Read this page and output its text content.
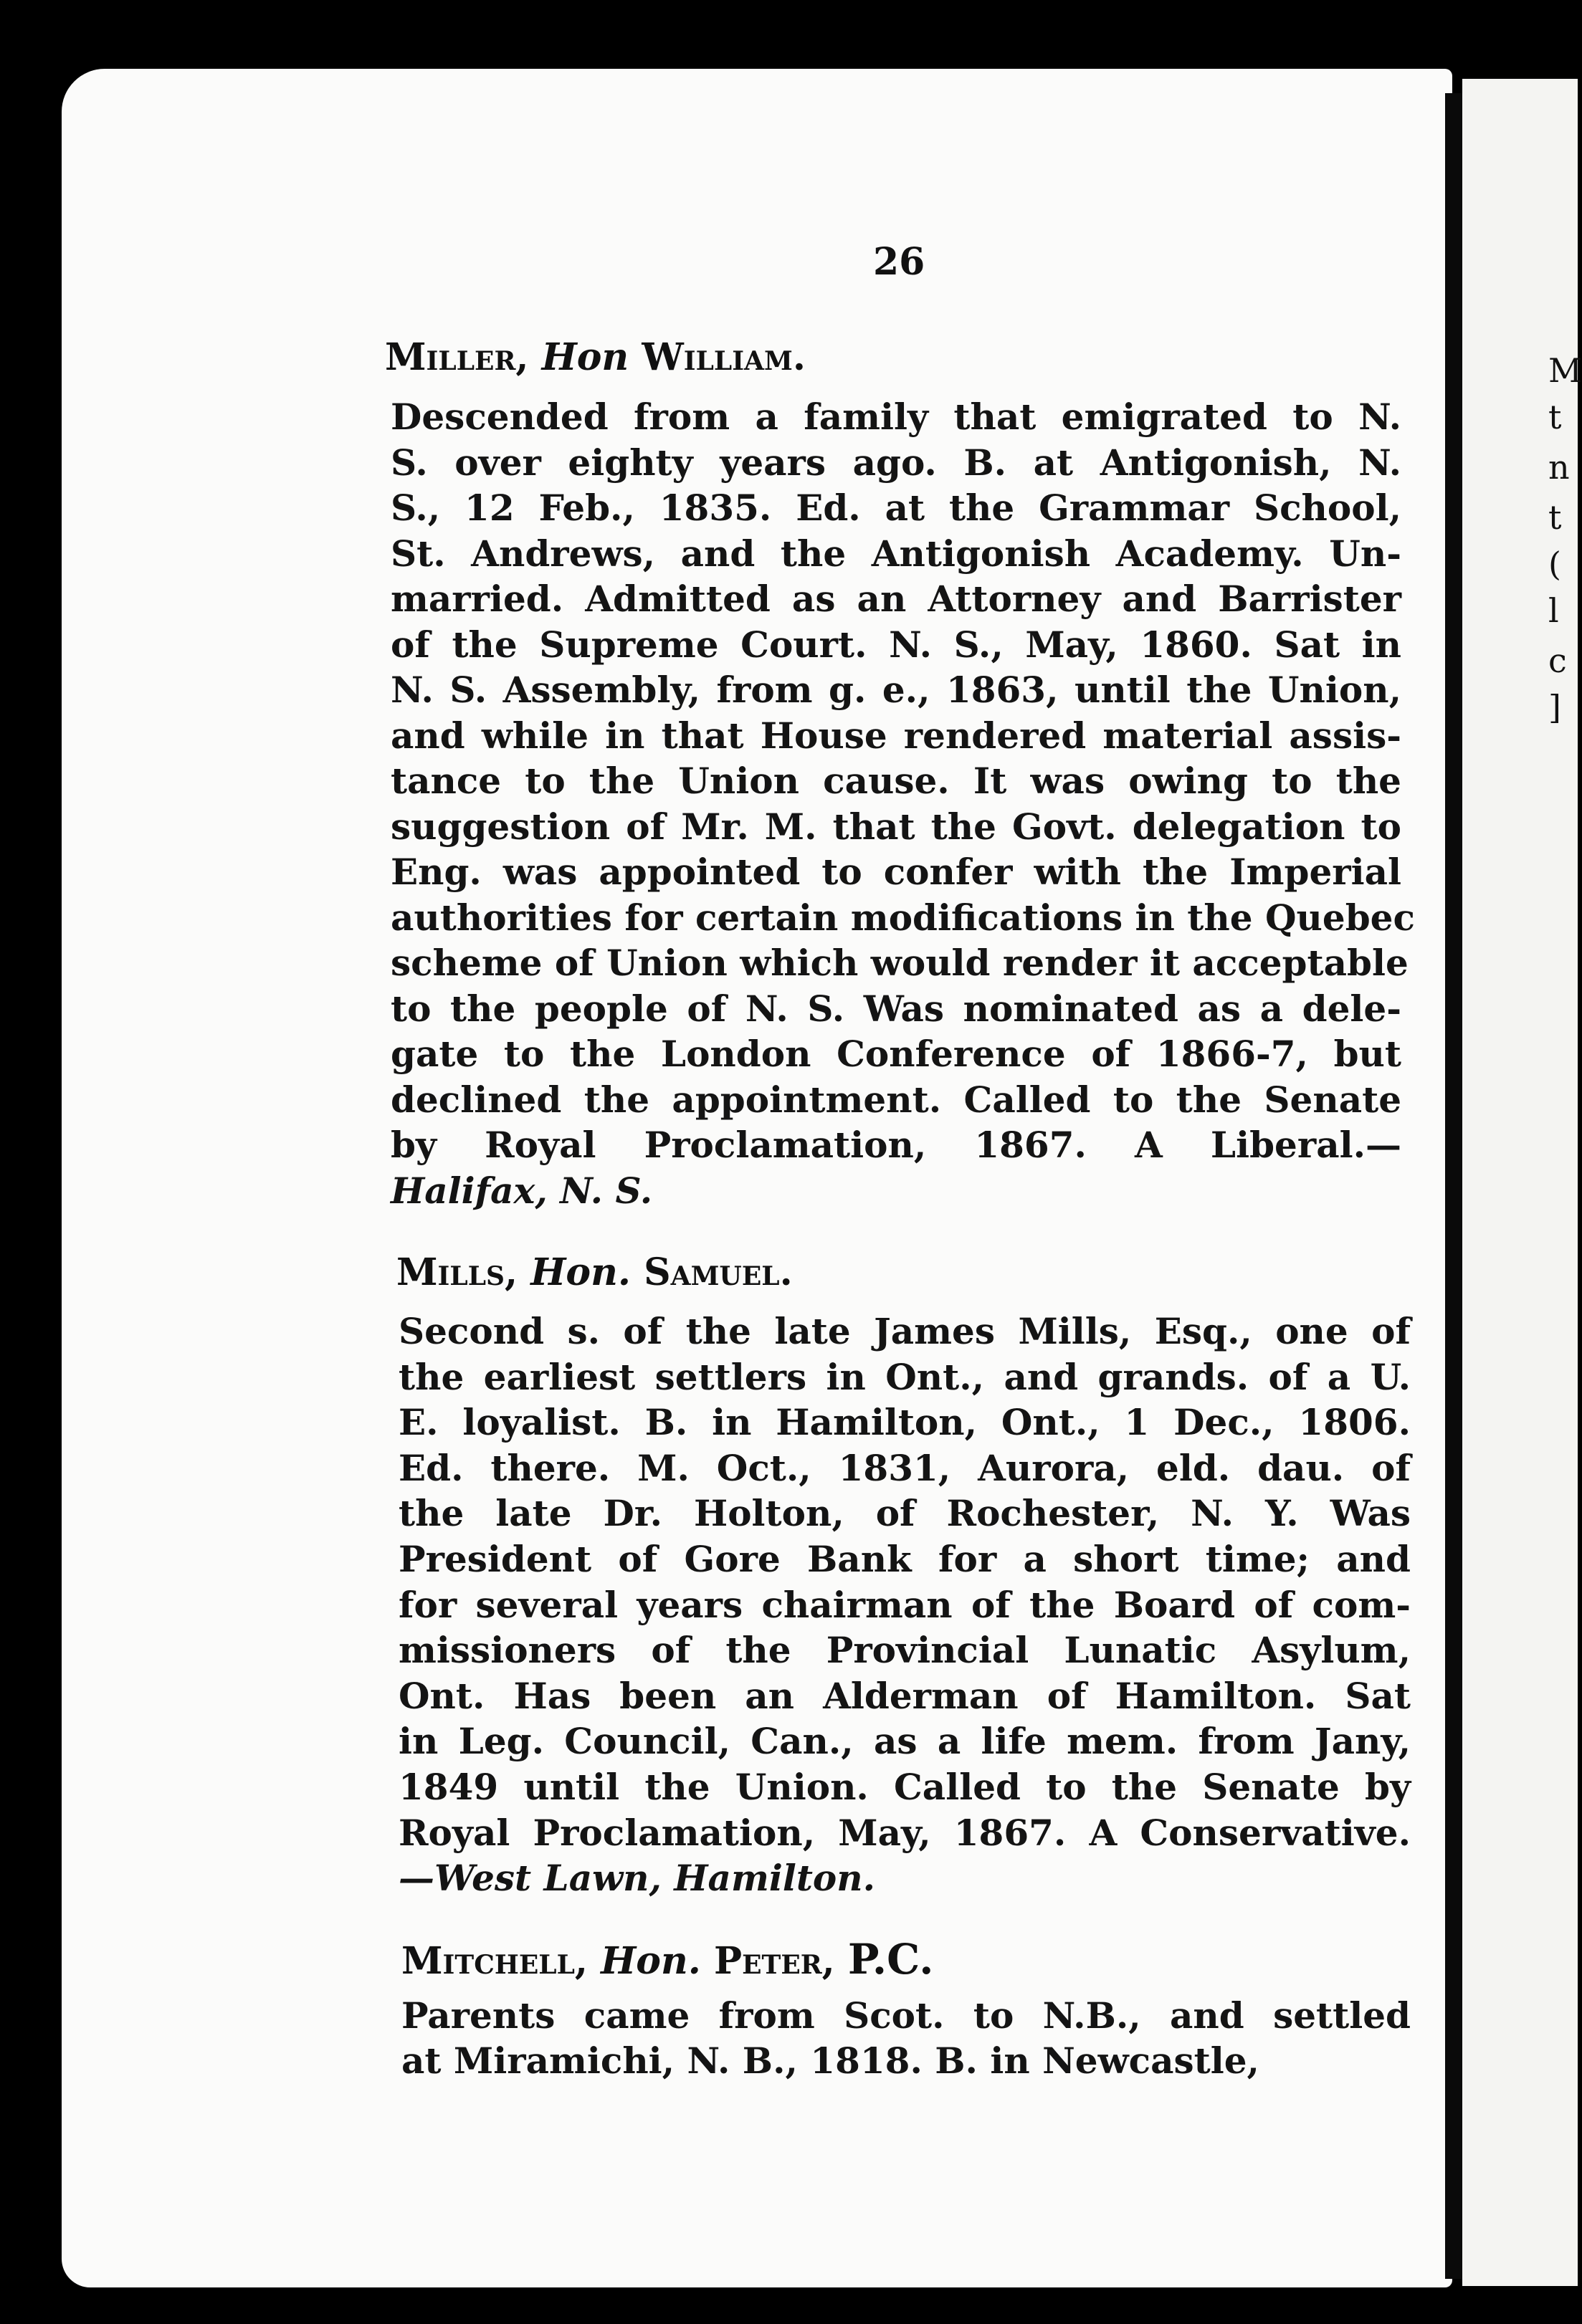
M
t
n
t
(
l
c
]
26
Miller, Hon William.
Descended from a family that emigrated to N.
S. over eighty years ago. B. at Antigonish, N.
S., 12 Feb., 1835. Ed. at the Grammar School,
St. Andrews, and the Antigonish Academy. Un-
married. Admitted as an Attorney and Barrister
of the Supreme Court. N. S., May, 1860. Sat in
N. S. Assembly, from g. e., 1863, until the Union,
and while in that House rendered material assis-
tance to the Union cause. It was owing to the
suggestion of Mr. M. that the Govt. delegation to
Eng. was appointed to confer with the Imperial
authorities for certain modifications in the Quebec
scheme of Union which would render it acceptable
to the people of N. S. Was nominated as a dele-
gate to the London Conference of 1866-7, but
declined the appointment. Called to the Senate
by Royal Proclamation, 1867. A Liberal.—
Halifax, N. S.
Mills, Hon. Samuel.
Second s. of the late James Mills, Esq., one of
the earliest settlers in Ont., and grands. of a U.
E. loyalist. B. in Hamilton, Ont., 1 Dec., 1806.
Ed. there. M. Oct., 1831, Aurora, eld. dau. of
the late Dr. Holton, of Rochester, N. Y. Was
President of Gore Bank for a short time; and
for several years chairman of the Board of com-
missioners of the Provincial Lunatic Asylum,
Ont. Has been an Alderman of Hamilton. Sat
in Leg. Council, Can., as a life mem. from Jany,
1849 until the Union. Called to the Senate by
Royal Proclamation, May, 1867. A Conservative.
—West Lawn, Hamilton.
Mitchell, Hon. Peter, P.C.
Parents came from Scot. to N.B., and settled
at Miramichi, N. B., 1818. B. in Newcastle,
